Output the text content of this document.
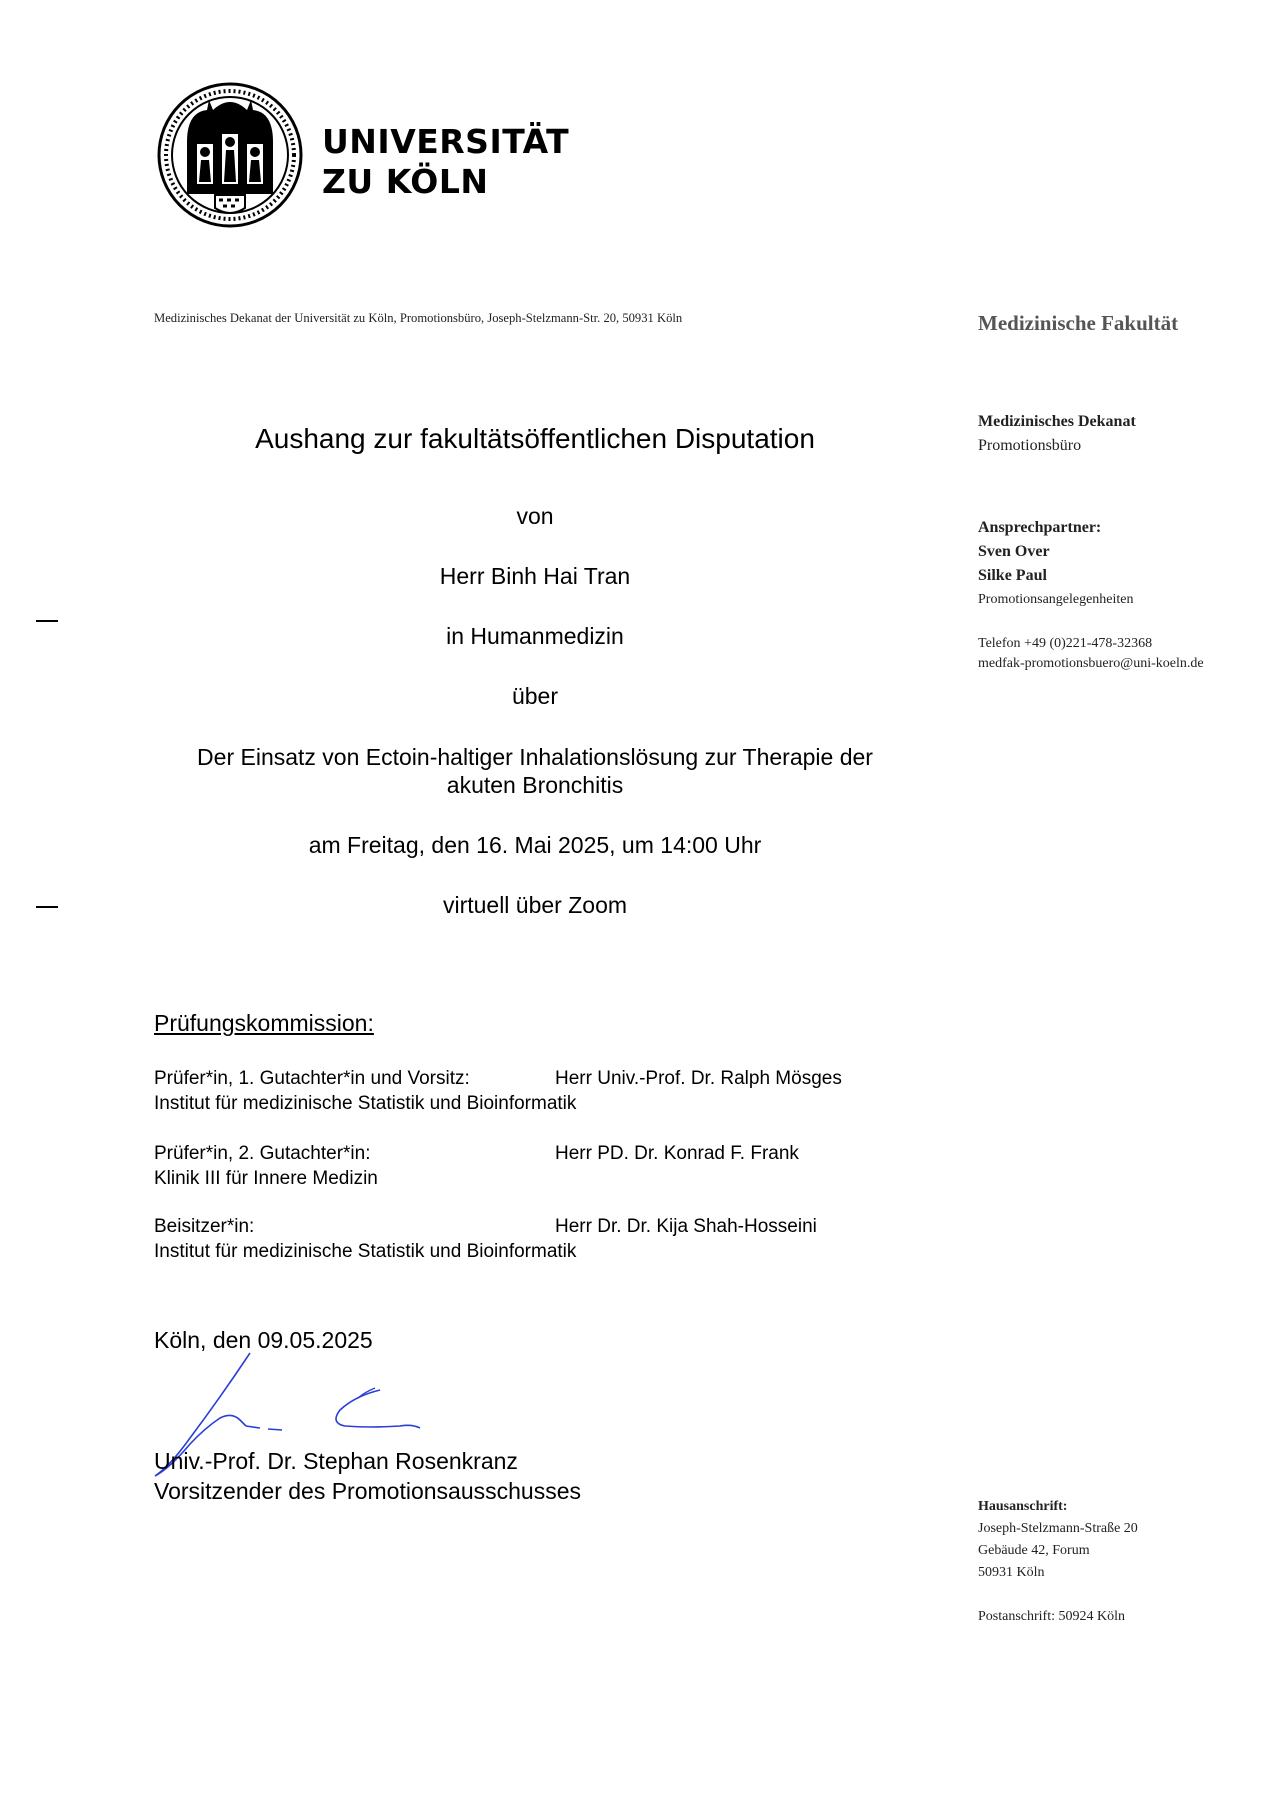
UNIVERSITÄT
ZU KÖLN
Medizinisches Dekanat der Universität zu Köln, Promotionsbüro, Joseph-Stelzmann-Str. 20, 50931 Köln	Medizinische Fakultät
Medizinisches Dekanat
Promotionsbüro
Ansprechpartner:
Sven Over
Silke Paul
Promotionsangelegenheiten
Telefon +49 (0)221-478-32368
medfak-promotionsbuero@uni-koeln.de
Aushang zur fakultätsöffentlichen Disputation
von
Herr Binh Hai Tran
in Humanmedizin
über
Der Einsatz von Ectoin-haltiger Inhalationslösung zur Therapie der
akuten Bronchitis
am Freitag, den 16. Mai 2025, um 14:00 Uhr
virtuell über Zoom
Prüfungskommission:
Prüfer*in, 1. Gutachter*in und Vorsitz:	Herr Univ.-Prof. Dr. Ralph Mösges
Institut für medizinische Statistik und Bioinformatik
Prüfer*in, 2. Gutachter*in:	Herr PD. Dr. Konrad F. Frank
Klinik III für Innere Medizin
Beisitzer*in:	Herr Dr. Dr. Kija Shah-Hosseini
Institut für medizinische Statistik und Bioinformatik
Köln, den 09.05.2025
Univ.-Prof. Dr. Stephan Rosenkranz
Vorsitzender des Promotionsausschusses
Hausanschrift:
Joseph-Stelzmann-Straße 20
Gebäude 42, Forum
50931 Köln
Postanschrift: 50924 Köln
